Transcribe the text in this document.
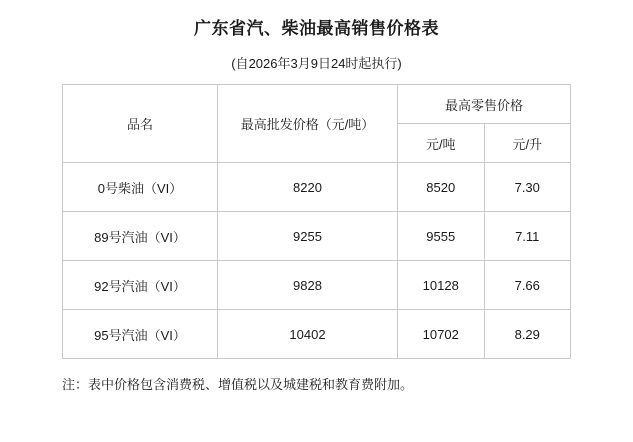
广东省汽、柴油最高销售价格表
(自2026年3月9日24时起执行)
品名	最高批发价格（元/吨）	最高零售价格	
		元/吨	元/升
0号柴油（VI）	8220	8520	7.30
89号汽油（VI）	9255	9555	7.11
92号汽油（VI）	9828	10128	7.66
95号汽油（VI）	10402	10702	8.29
注：表中价格包含消费税、增值税以及城建税和教育费附加。
